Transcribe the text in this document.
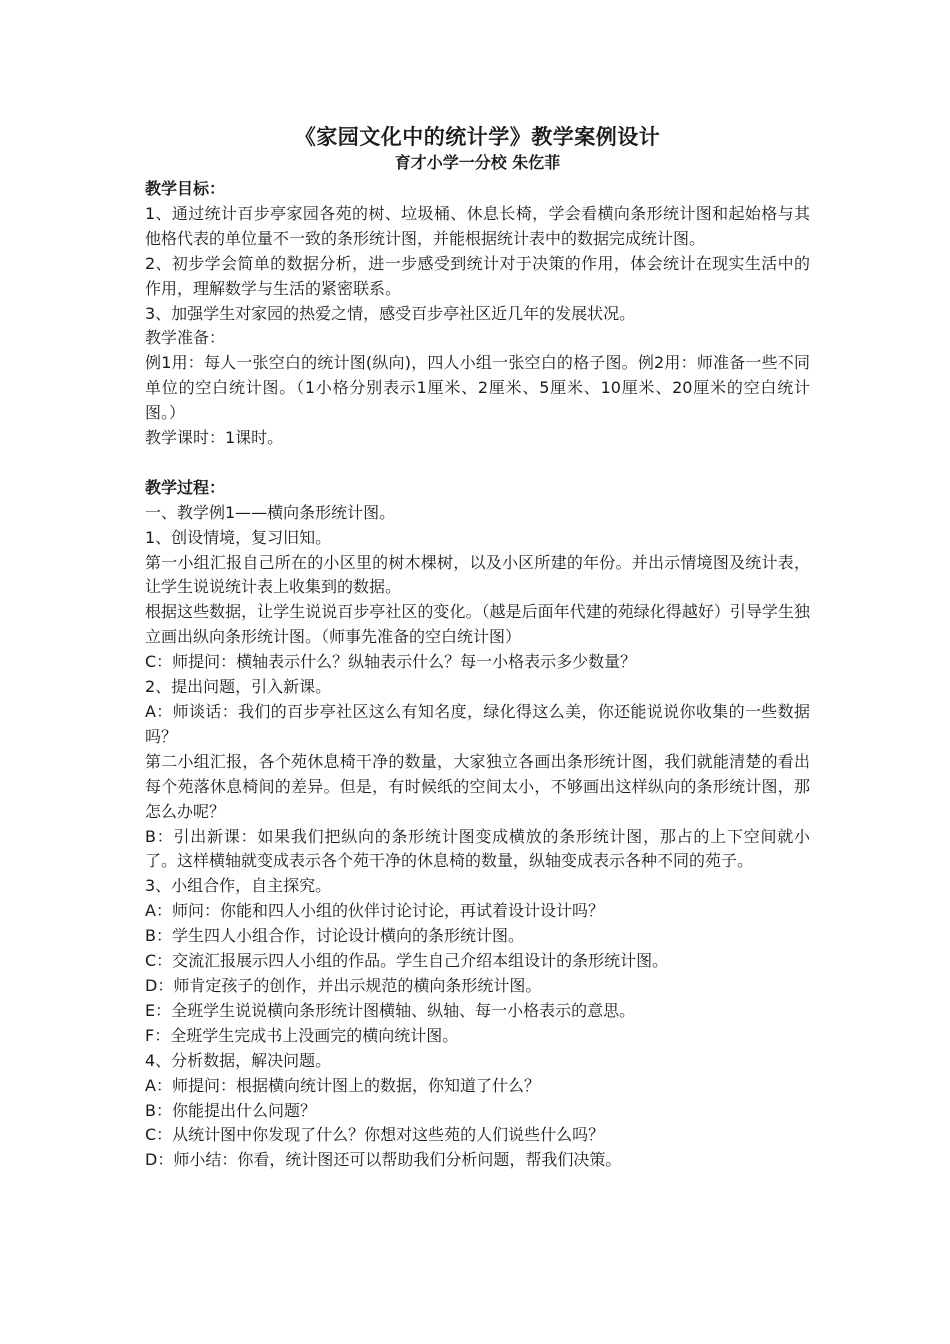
《家园文化中的统计学》教学案例设计

育才小学一分校 朱仡菲

教学目标：

1、通过统计百步亭家园各苑的树、垃圾桶、休息长椅，学会看横向条形统计图和起始格与其他格代表的单位量不一致的条形统计图，并能根据统计表中的数据完成统计图。

2、初步学会简单的数据分析，进一步感受到统计对于决策的作用，体会统计在现实生活中的作用，理解数学与生活的紧密联系。

3、加强学生对家园的热爱之情，感受百步亭社区近几年的发展状况。

教学准备：

例1用：每人一张空白的统计图(纵向)，四人小组一张空白的格子图。例2用：师准备一些不同单位的空白统计图。（1小格分别表示1厘米、2厘米、5厘米、10厘米、20厘米的空白统计图。）

教学课时：1课时。

教学过程：

一、教学例1——横向条形统计图。

1、创设情境，复习旧知。

第一小组汇报自己所在的小区里的树木棵树，以及小区所建的年份。并出示情境图及统计表，让学生说说统计表上收集到的数据。

根据这些数据，让学生说说百步亭社区的变化。（越是后面年代建的苑绿化得越好）引导学生独立画出纵向条形统计图。（师事先准备的空白统计图）

C：师提问：横轴表示什么？纵轴表示什么？每一小格表示多少数量？

2、提出问题，引入新课。

A：师谈话：我们的百步亭社区这么有知名度，绿化得这么美，你还能说说你收集的一些数据吗？

第二小组汇报，各个苑休息椅干净的数量，大家独立各画出条形统计图，我们就能清楚的看出每个苑落休息椅间的差异。但是，有时候纸的空间太小，不够画出这样纵向的条形统计图，那怎么办呢？

B：引出新课：如果我们把纵向的条形统计图变成横放的条形统计图，那占的上下空间就小了。这样横轴就变成表示各个苑干净的休息椅的数量，纵轴变成表示各种不同的苑子。

3、小组合作，自主探究。

A：师问：你能和四人小组的伙伴讨论讨论，再试着设计设计吗？

B：学生四人小组合作，讨论设计横向的条形统计图。

C：交流汇报展示四人小组的作品。学生自己介绍本组设计的条形统计图。

D：师肯定孩子的创作，并出示规范的横向条形统计图。

E：全班学生说说横向条形统计图横轴、纵轴、每一小格表示的意思。

F：全班学生完成书上没画完的横向统计图。

4、分析数据，解决问题。

A：师提问：根据横向统计图上的数据，你知道了什么？

B：你能提出什么问题？

C：从统计图中你发现了什么？你想对这些苑的人们说些什么吗？

D：师小结：你看，统计图还可以帮助我们分析问题，帮我们决策。
